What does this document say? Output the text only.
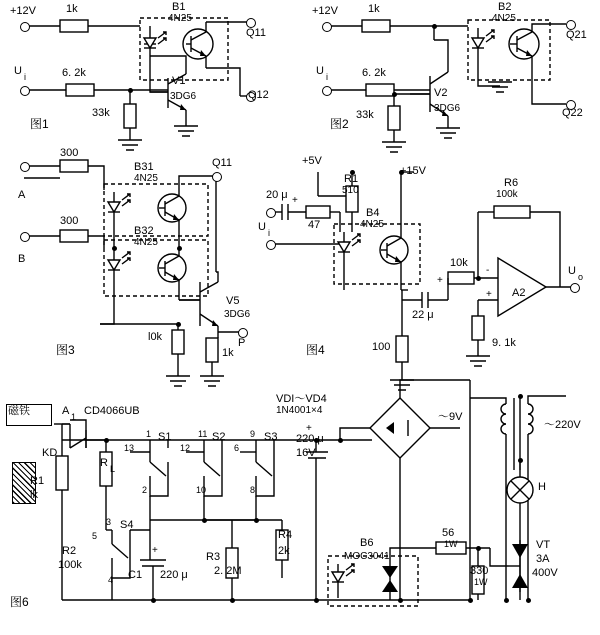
+12V	1k	B1
4N25
Q11
Q12
U i	6. 2k
33k
V1
3DG6
图1
+12V	1k	B2
4N25
Q21
Q22
U i	6. 2k
33k
V2
3DG6
图2
A
B
300
300
B31
4N25
B32
4N25
Q11
V5
3DG6
l0k
1k
P
图3
+5V
+15V
20 μ
R1
510
47
U i
B4
4N25
100
22 μ
10k
R6
100k
A2
9. 1k
U o
图4
+
-
+
+
磁铁
KD
R L
R1
lk
R2
100k
A 1 CD4066UB
S1	S2	S3
S4
1
13
2
11
12
10
9
6
8
3
5
4 C1 220 μ
R3
2. 2M
R4
2k
VDI～VD4
1N4001×4
220 μ
16V
～9V
～220V
H
B6
MOC3041
56
1W
330
1W
VT
3A
400V
图6
+
+
